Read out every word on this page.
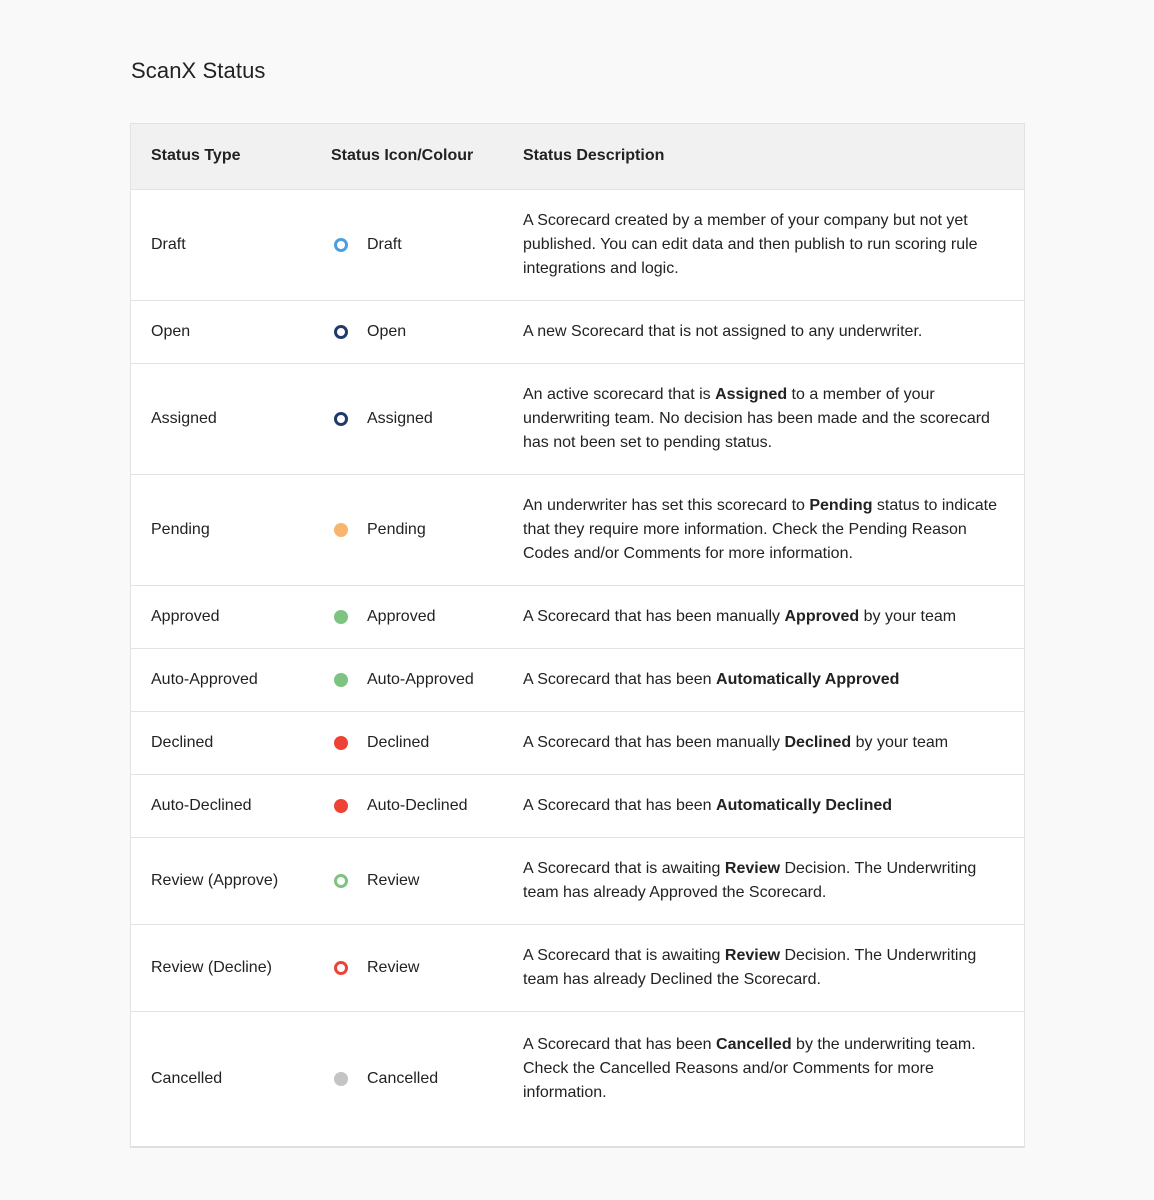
ScanX Status
Status Type	Status Icon/Colour	Status Description
Draft	Draft	A Scorecard created by a member of your company but not yet published. You can edit data and then publish to run scoring rule integrations and logic.
Open	Open	A new Scorecard that is not assigned to any underwriter.
Assigned	Assigned	An active scorecard that is Assigned to a member of your underwriting team. No decision has been made and the scorecard has not been set to pending status.
Pending	Pending	An underwriter has set this scorecard to Pending status to indicate that they require more information. Check the Pending Reason Codes and/or Comments for more information.
Approved	Approved	A Scorecard that has been manually Approved by your team
Auto-Approved	Auto-Approved	A Scorecard that has been Automatically Approved
Declined	Declined	A Scorecard that has been manually Declined by your team
Auto-Declined	Auto-Declined	A Scorecard that has been Automatically Declined
Review (Approve)	Review	A Scorecard that is awaiting Review Decision. The Underwriting team has already Approved the Scorecard.
Review (Decline)	Review	A Scorecard that is awaiting Review Decision. The Underwriting team has already Declined the Scorecard.
Cancelled	Cancelled	A Scorecard that has been Cancelled by the underwriting team. Check the Cancelled Reasons and/or Comments for more information.
